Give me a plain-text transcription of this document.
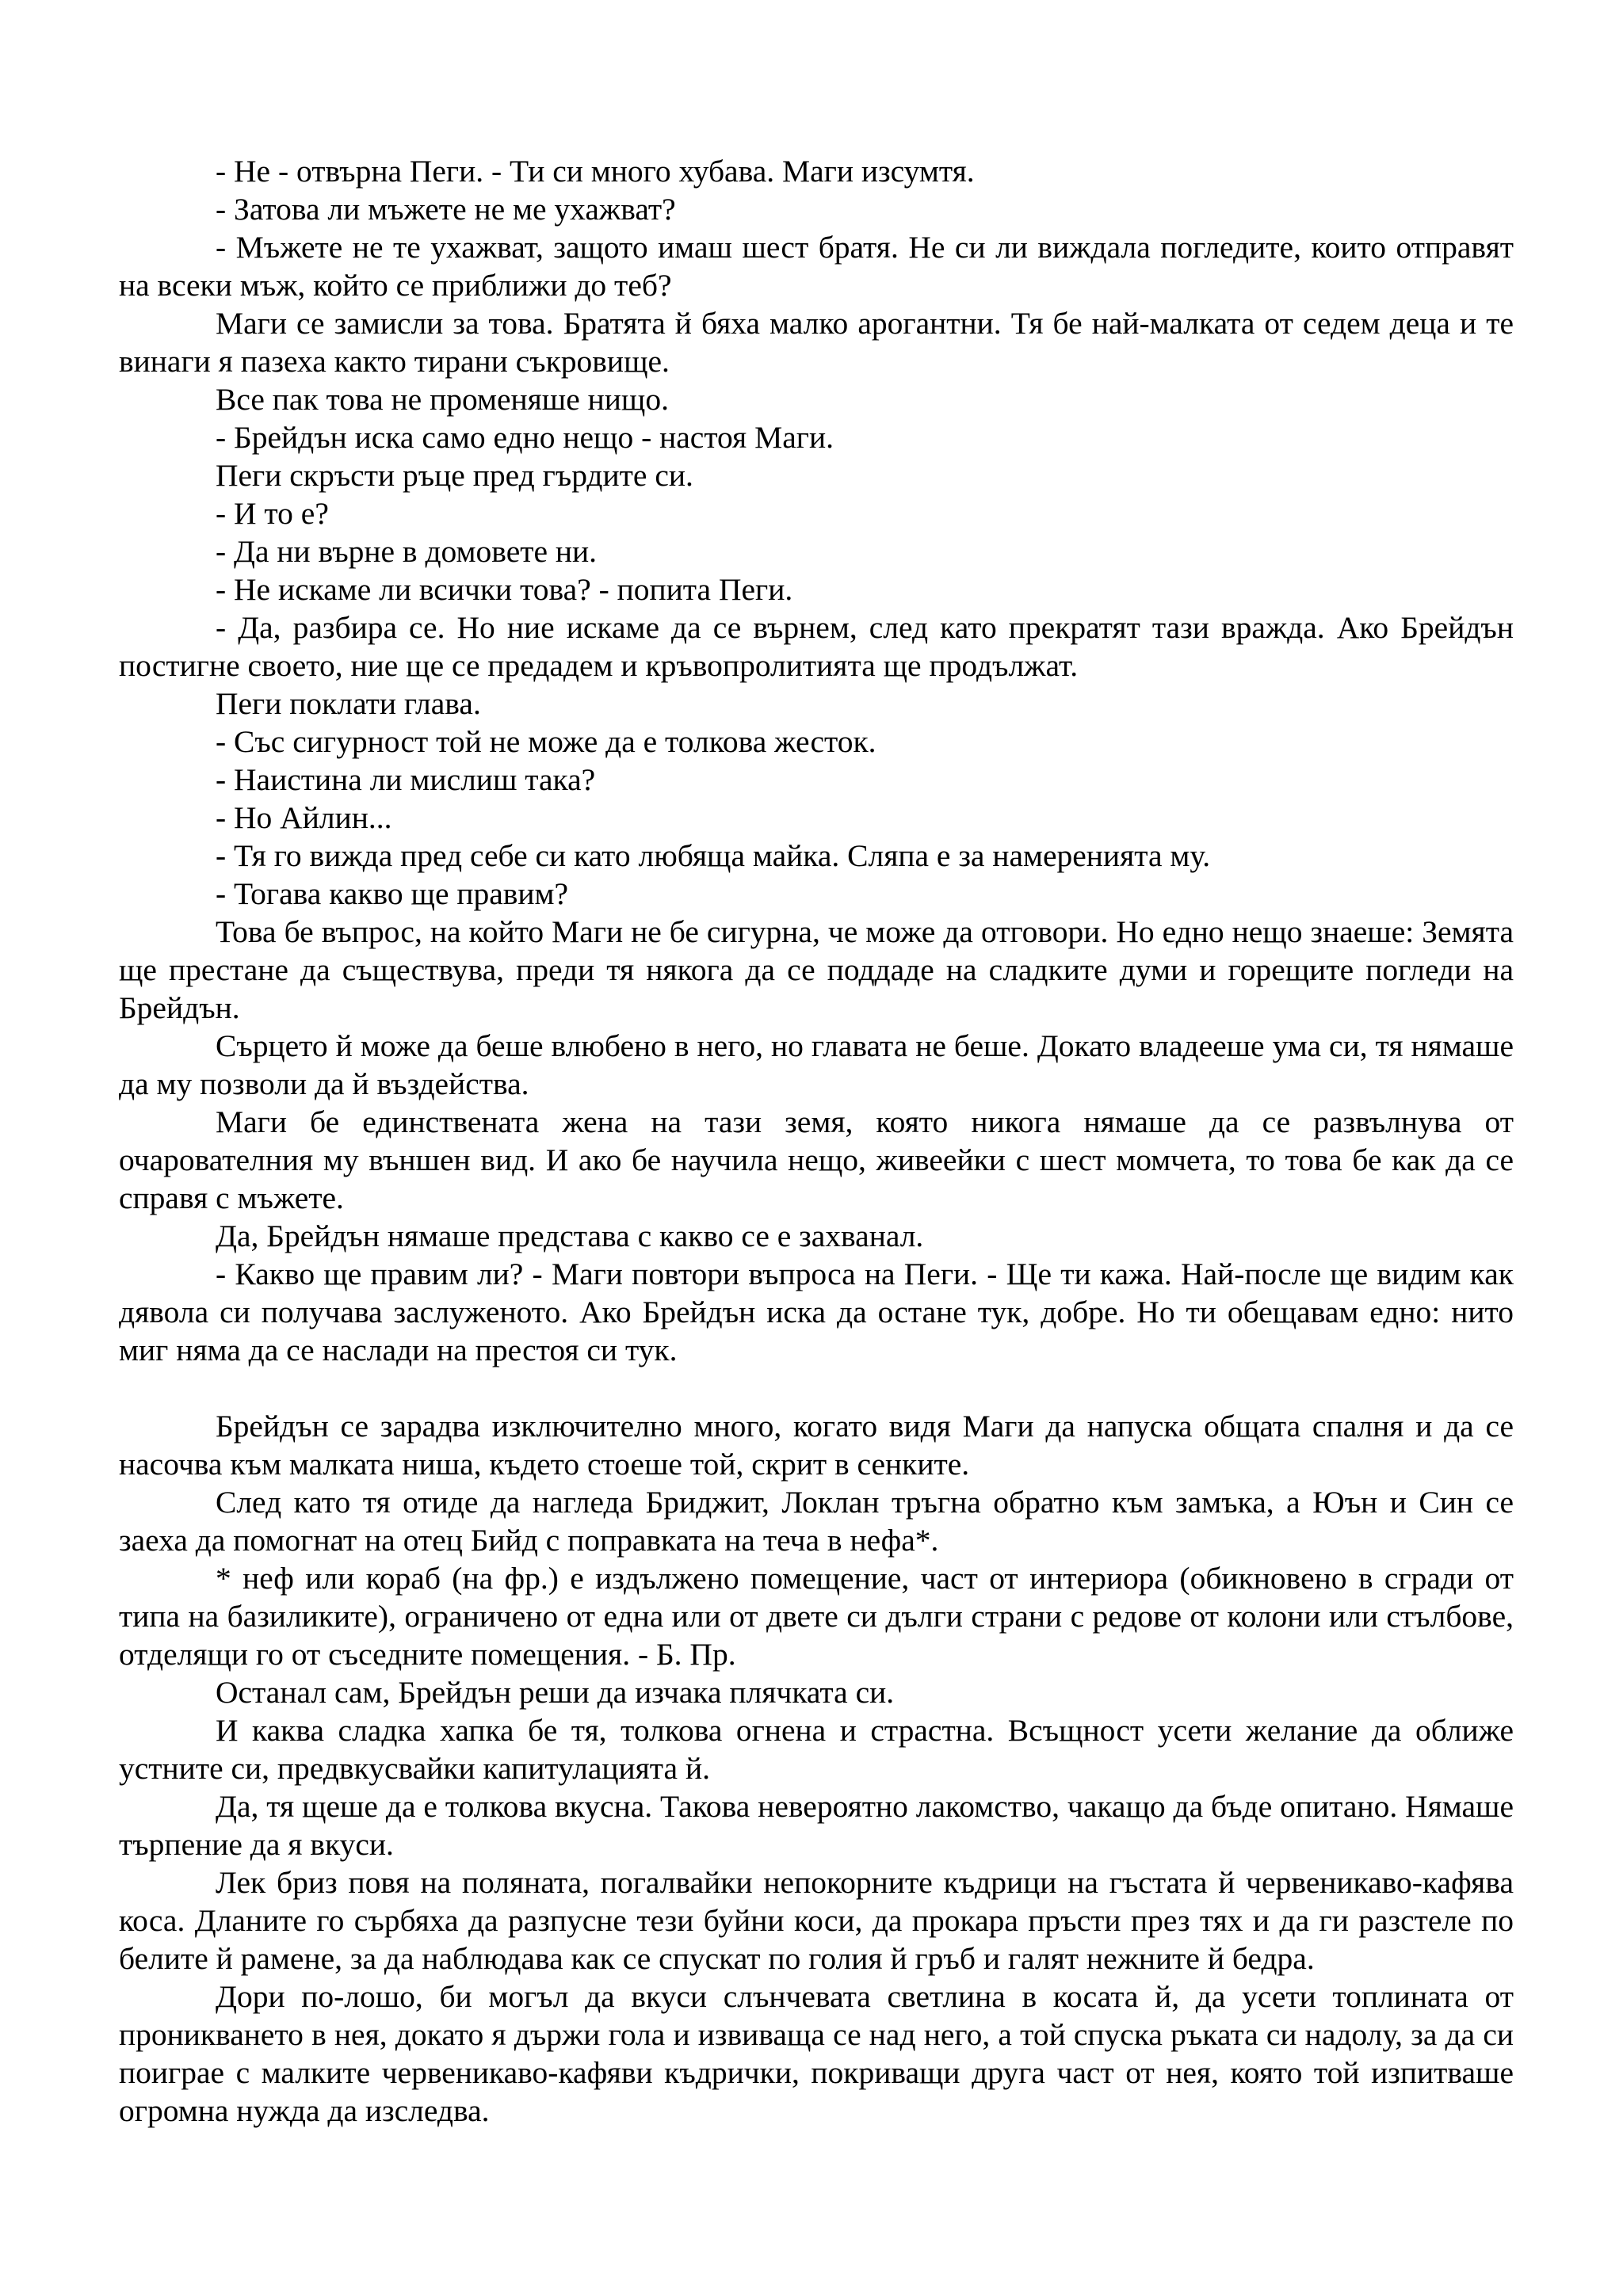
- Не - отвърна Пеги. - Ти си много хубава. Маги изсумтя.

- Затова ли мъжете не ме ухажват?

- Мъжете не те ухажват, защото имаш шест братя. Не си ли виждала погледите, които отправят на всеки мъж, който се приближи до теб?

Маги се замисли за това. Братята й бяха малко арогантни. Тя бе най-малката от седем деца и те винаги я пазеха както тирани съкровище.

Все пак това не променяше нищо.

- Брейдън иска само едно нещо - настоя Маги.

Пеги скръсти ръце пред гърдите си.

- И то е?

- Да ни върне в домовете ни.

- Не искаме ли всички това? - попита Пеги.

- Да, разбира се. Но ние искаме да се върнем, след като прекратят тази вражда. Ако Брейдън постигне своето, ние ще се предадем и кръвопролитията ще продължат.

Пеги поклати глава.

- Със сигурност той не може да е толкова жесток.

- Наистина ли мислиш така?

- Но Айлин...

- Тя го вижда пред себе си като любяща майка. Сляпа е за намеренията му.

- Тогава какво ще правим?

Това бе въпрос, на който Маги не бе сигурна, че може да отговори. Но едно нещо знаеше: Земята ще престане да съществува, преди тя някога да се поддаде на сладките думи и горещите погледи на Брейдън.

Сърцето й може да беше влюбено в него, но главата не беше. Докато владееше ума си, тя нямаше да му позволи да й въздейства.

Маги бе единствената жена на тази земя, която никога нямаше да се развълнува от очарователния му външен вид. И ако бе научила нещо, живеейки с шест момчета, то това бе как да се справя с мъжете.

Да, Брейдън нямаше представа с какво се е захванал.

- Какво ще правим ли? - Маги повтори въпроса на Пеги. - Ще ти кажа. Най-после ще видим как дявола си получава заслуженото. Ако Брейдън иска да остане тук, добре. Но ти обещавам едно: нито миг няма да се наслади на престоя си тук.

Брейдън се зарадва изключително много, когато видя Маги да напуска общата спалня и да се насочва към малката ниша, където стоеше той, скрит в сенките.

След като тя отиде да нагледа Бриджит, Локлан тръгна обратно към замъка, а Юън и Син се заеха да помогнат на отец Бийд с поправката на теча в нефа*.

* неф или кораб (на фр.) е издължено помещение, част от интериора (обикновено в сгради от типа на базиликите), ограничено от една или от двете си дълги страни с редове от колони или стълбове, отделящи го от съседните помещения. - Б. Пр.

Останал сам, Брейдън реши да изчака плячката си.

И каква сладка хапка бе тя, толкова огнена и страстна. Всъщност усети желание да оближе устните си, предвкусвайки капитулацията й.

Да, тя щеше да е толкова вкусна. Такова невероятно лакомство, чакащо да бъде опитано. Нямаше търпение да я вкуси.

Лек бриз повя на поляната, погалвайки непокорните къдрици на гъстата й червеникаво-кафява коса. Дланите го сърбяха да разпусне тези буйни коси, да прокара пръсти през тях и да ги разстеле по белите й рамене, за да наблюдава как се спускат по голия й гръб и галят нежните й бедра.

Дори по-лошо, би могъл да вкуси слънчевата светлина в косата й, да усети топлината от проникването в нея, докато я държи гола и извиваща се над него, а той спуска ръката си надолу, за да си поиграе с малките червеникаво-кафяви къдрички, покриващи друга част от нея, която той изпитваше огромна нужда да изследва.
